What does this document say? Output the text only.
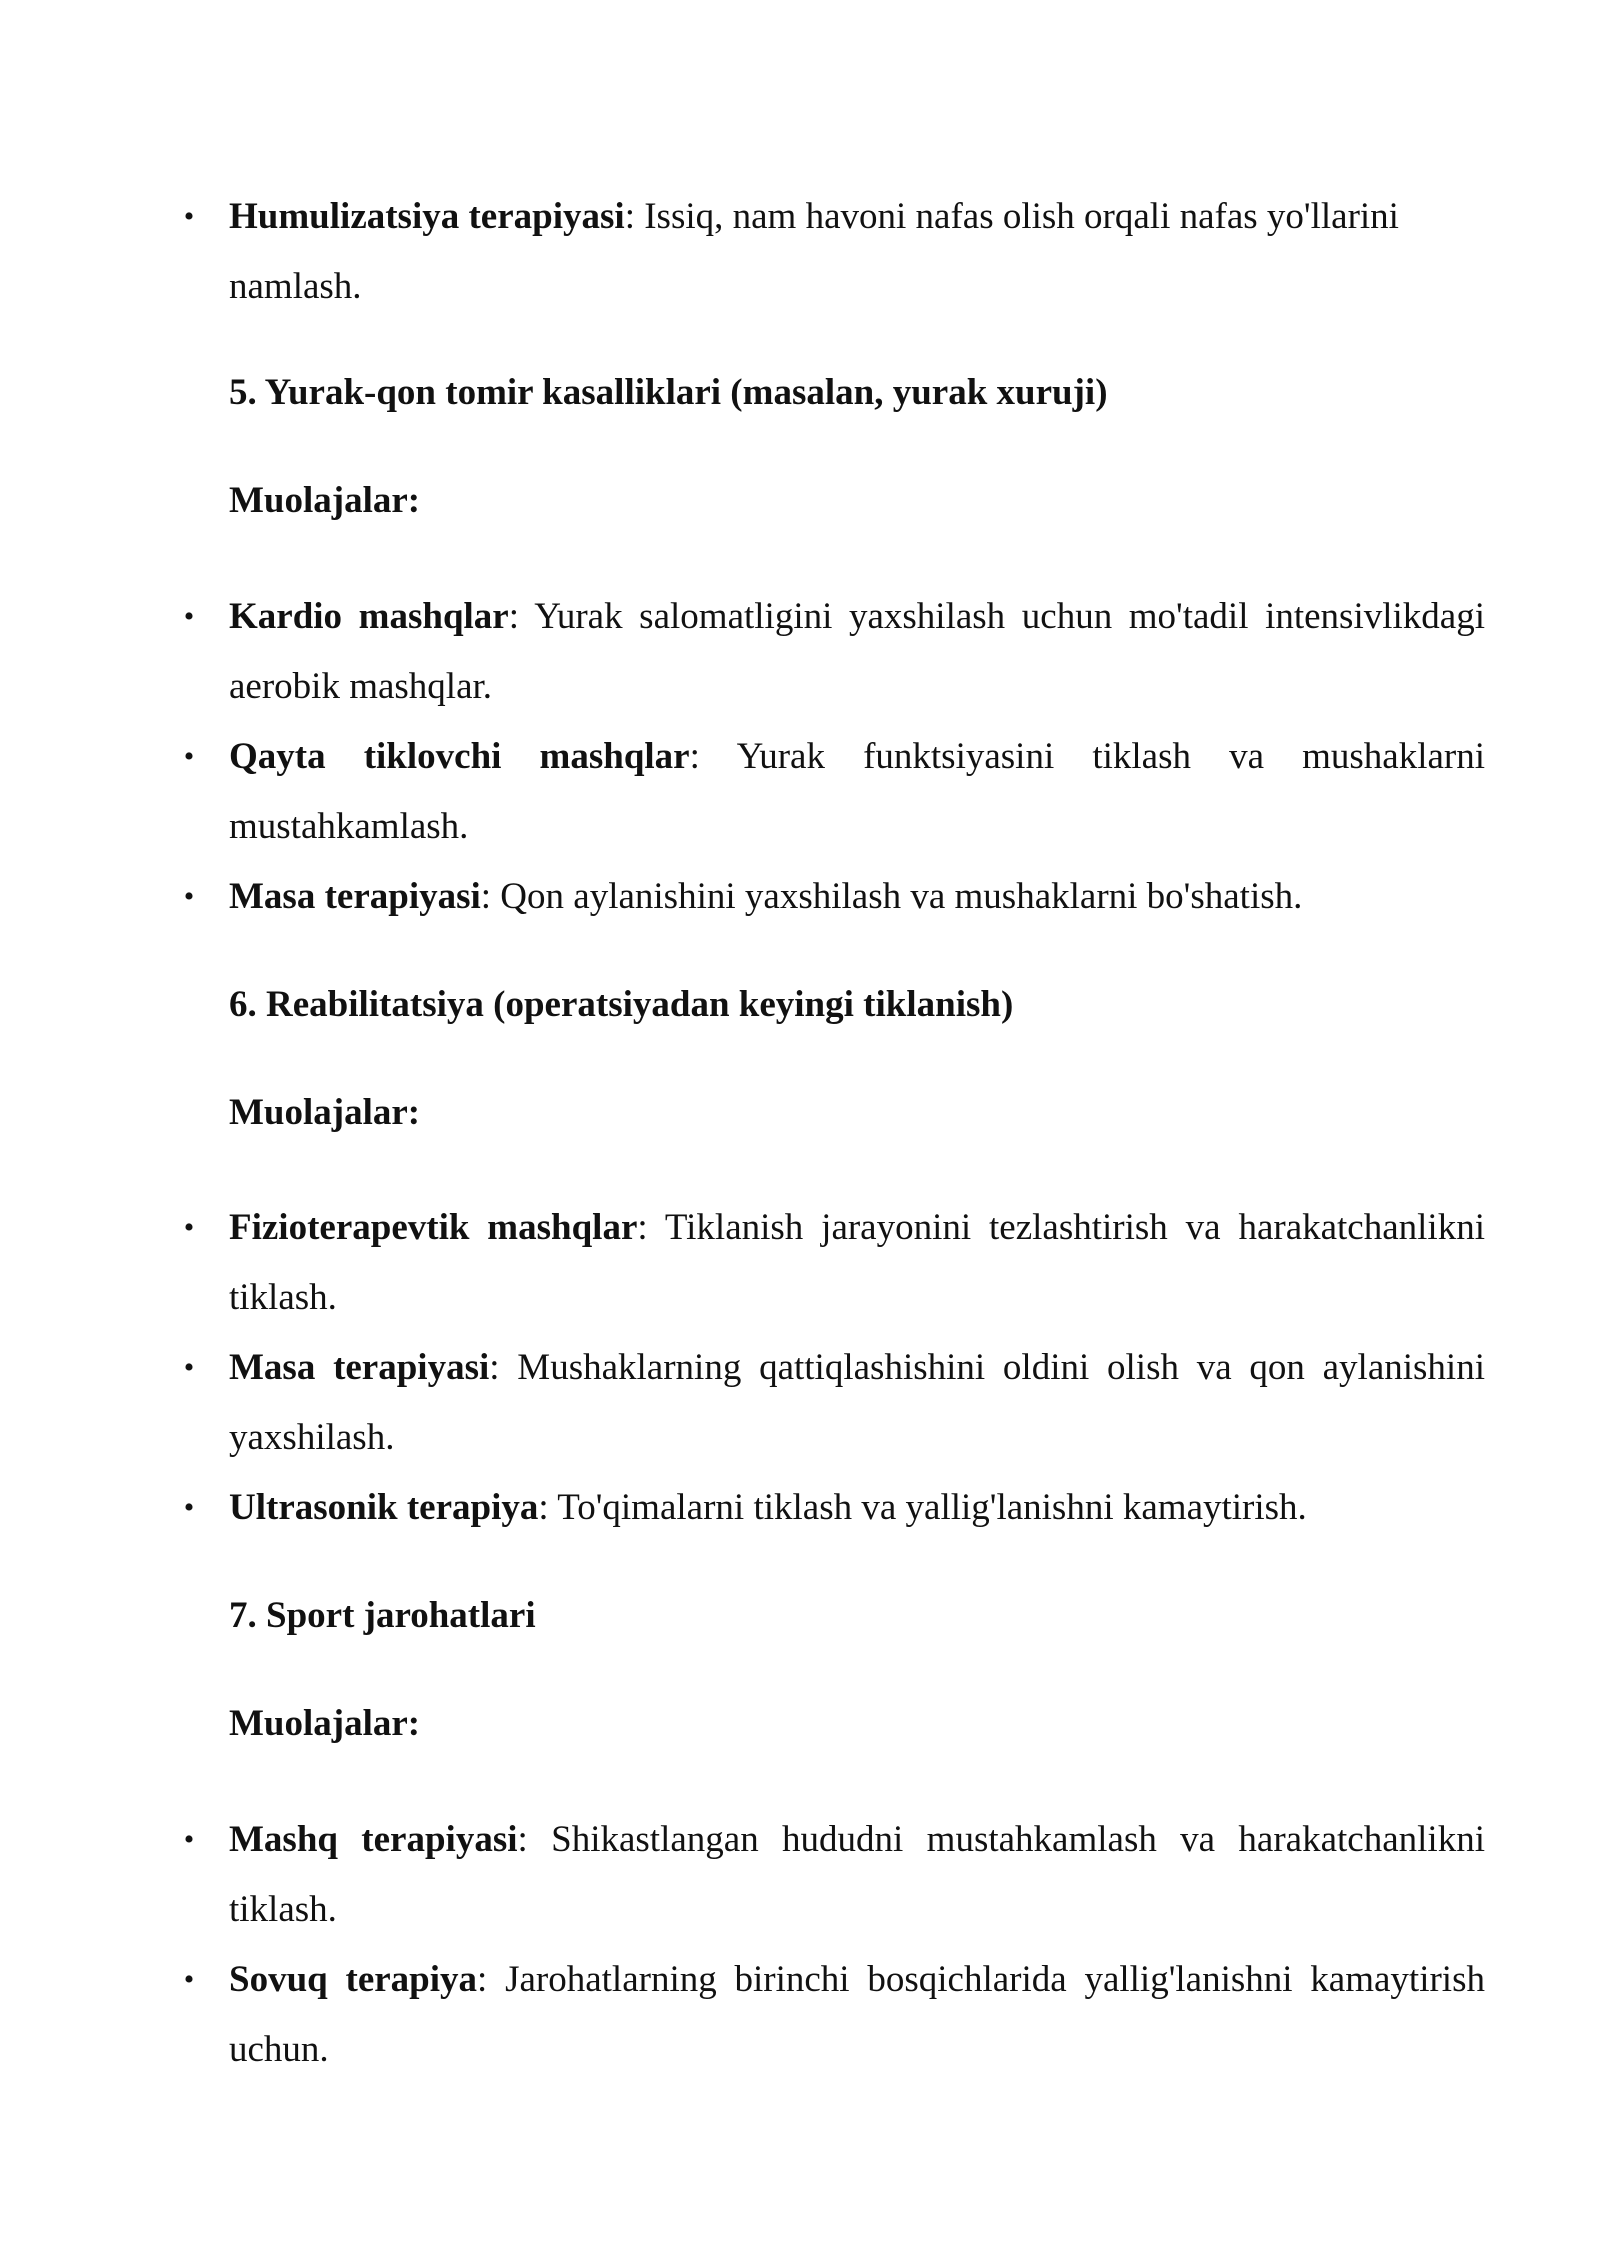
• Humulizatsiya terapiyasi: Issiq, nam havoni nafas olish orqali nafas yo'llarini namlash.
5. Yurak-qon tomir kasalliklari (masalan, yurak xuruji)
Muolajalar:
• Kardio mashqlar: Yurak salomatligini yaxshilash uchun mo'tadil intensivlikdagi aerobik mashqlar.
• Qayta tiklovchi mashqlar: Yurak funktsiyasini tiklash va mushaklarni mustahkamlash.
• Masa terapiyasi: Qon aylanishini yaxshilash va mushaklarni bo'shatish.
6. Reabilitatsiya (operatsiyadan keyingi tiklanish)
Muolajalar:
• Fizioterapevtik mashqlar: Tiklanish jarayonini tezlashtirish va harakatchanlikni tiklash.
• Masa terapiyasi: Mushaklarning qattiqlashishini oldini olish va qon aylanishini yaxshilash.
• Ultrasonik terapiya: To'qimalarni tiklash va yallig'lanishni kamaytirish.
7. Sport jarohatlari
Muolajalar:
• Mashq terapiyasi: Shikastlangan hududni mustahkamlash va harakatchanlikni tiklash.
• Sovuq terapiya: Jarohatlarning birinchi bosqichlarida yallig'lanishni kamaytirish uchun.
